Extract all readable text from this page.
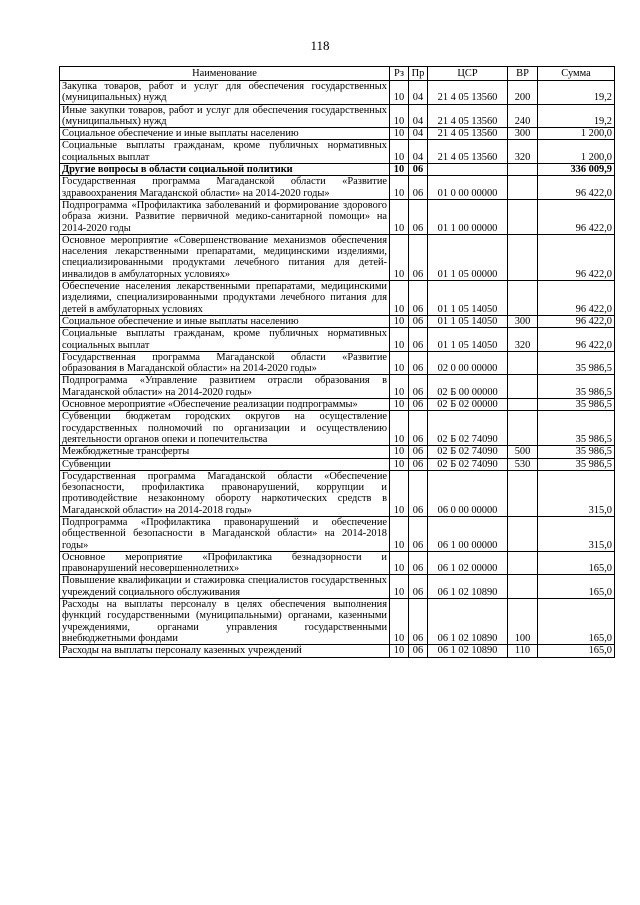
118
Наименование	Рз	Пр	ЦСР	ВР	Сумма
Закупка товаров, работ и услуг для обеспечения государственных (муниципальных) нужд	10	04	21 4 05 13560	200	19,2
Иные закупки товаров, работ и услуг для обеспечения государственных (муниципальных) нужд	10	04	21 4 05 13560	240	19,2
Социальное обеспечение и иные выплаты населению	10	04	21 4 05 13560	300	1 200,0
Социальные выплаты гражданам, кроме публичных нормативных социальных выплат	10	04	21 4 05 13560	320	1 200,0
Другие вопросы в области социальной политики	10	06			336 009,9
Государственная программа Магаданской области «Развитие здравоохранения Магаданской области» на 2014-2020 годы»	10	06	01 0 00 00000		96 422,0
Подпрограмма «Профилактика заболеваний и формирование здорового образа жизни. Развитие первичной медико-санитарной помощи» на 2014-2020 годы	10	06	01 1 00 00000		96 422,0
Основное мероприятие «Совершенствование механизмов обеспечения населения лекарственными препаратами, медицинскими изделиями, специализированными продуктами лечебного питания для детей-инвалидов в амбулаторных условиях»	10	06	01 1 05 00000		96 422,0
Обеспечение населения лекарственными препаратами, медицинскими изделиями, специализированными продуктами лечебного питания для детей в амбулаторных условиях	10	06	01 1 05 14050		96 422,0
Социальное обеспечение и иные выплаты населению	10	06	01 1 05 14050	300	96 422,0
Социальные выплаты гражданам, кроме публичных нормативных социальных выплат	10	06	01 1 05 14050	320	96 422,0
Государственная программа Магаданской области «Развитие образования в Магаданской области» на 2014-2020 годы»	10	06	02 0 00 00000		35 986,5
Подпрограмма «Управление развитием отрасли образования в Магаданской области» на 2014-2020 годы»	10	06	02 Б 00 00000		35 986,5
Основное мероприятие «Обеспечение реализации подпрограммы»	10	06	02 Б 02 00000		35 986,5
Субвенции бюджетам городских округов на осуществление государственных полномочий по организации и осуществлению деятельности органов опеки и попечительства	10	06	02 Б 02 74090		35 986,5
Межбюджетные трансферты	10	06	02 Б 02 74090	500	35 986,5
Субвенции	10	06	02 Б 02 74090	530	35 986,5
Государственная программа Магаданской области «Обеспечение безопасности, профилактика правонарушений, коррупции и противодействие незаконному обороту наркотических средств в Магаданской области» на 2014-2018 годы»	10	06	06 0 00 00000		315,0
Подпрограмма «Профилактика правонарушений и обеспечение общественной безопасности в Магаданской области» на 2014-2018 годы»	10	06	06 1 00 00000		315,0
Основное мероприятие «Профилактика безнадзорности и правонарушений несовершеннолетних»	10	06	06 1 02 00000		165,0
Повышение квалификации и стажировка специалистов государственных учреждений социального обслуживания	10	06	06 1 02 10890		165,0
Расходы на выплаты персоналу в целях обеспечения выполнения функций государственными (муниципальными) органами, казенными учреждениями, органами управления государственными внебюджетными фондами	10	06	06 1 02 10890	100	165,0
Расходы на выплаты персоналу казенных учреждений	10	06	06 1 02 10890	110	165,0
